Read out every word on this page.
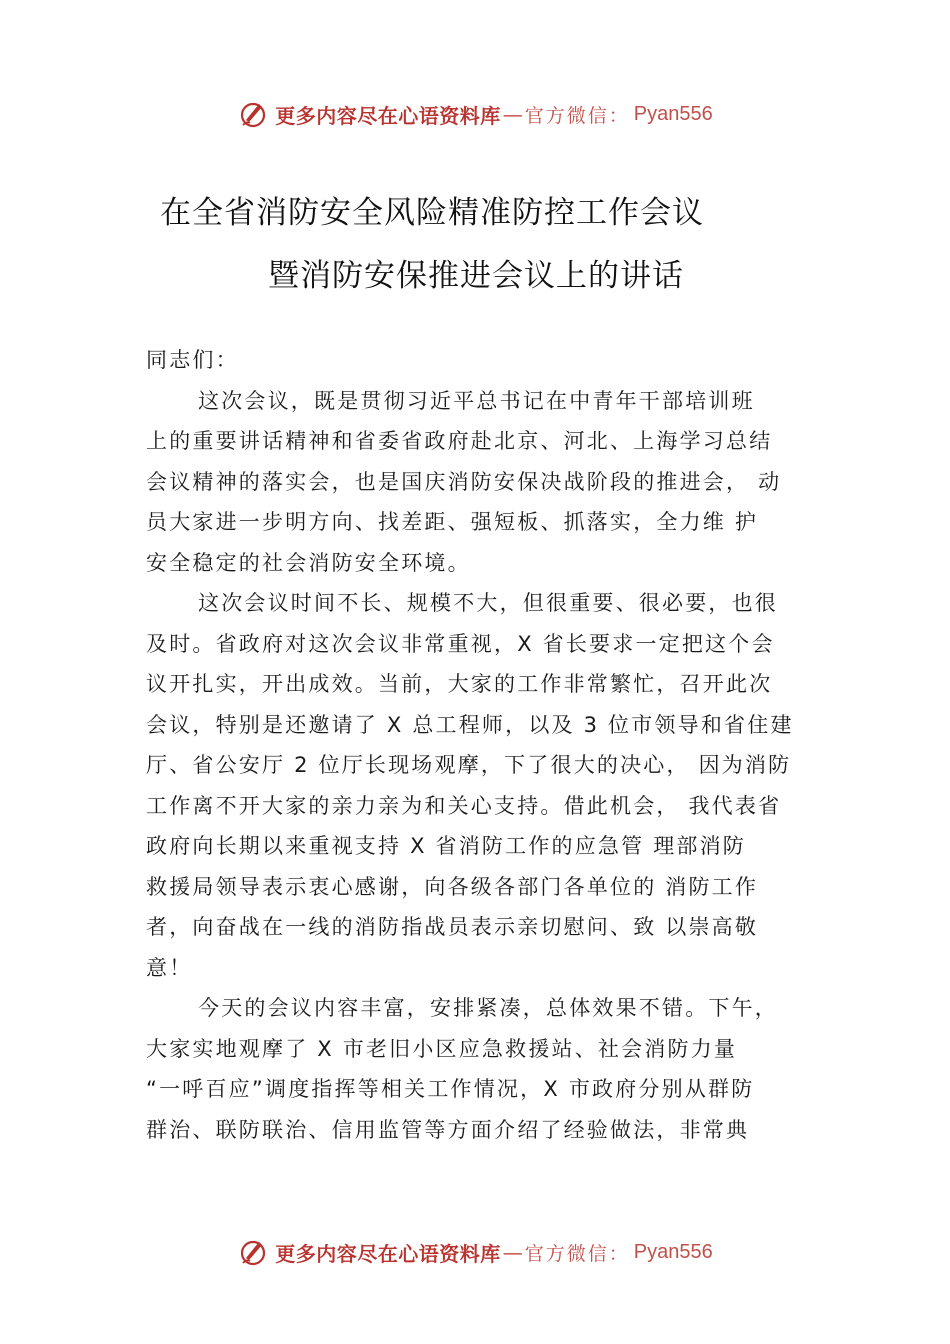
更多内容尽在心语资料库 — 官方微信： Pyan556
在全省消防安全风险精准防控工作会议
暨消防安保推进会议上的讲话
同志们：
这次会议，既是贯彻习近平总书记在中青年干部培训班
上的重要讲话精神和省委省政府赴北京、河北、上海学习总结
会议精神的落实会，也是国庆消防安保决战阶段的推进会， 动
员大家进一步明方向、找差距、强短板、抓落实，全力维 护
安全稳定的社会消防安全环境。
这次会议时间不长、规模不大，但很重要、很必要，也很
及时。省政府对这次会议非常重视，X 省长要求一定把这个会
议开扎实，开出成效。当前，大家的工作非常繁忙，召开此次
会议，特别是还邀请了 X 总工程师，以及 3 位市领导和省住建
厅、省公安厅 2 位厅长现场观摩，下了很大的决心， 因为消防
工作离不开大家的亲力亲为和关心支持。借此机会， 我代表省
政府向长期以来重视支持 X 省消防工作的应急管 理部消防
救援局领导表示衷心感谢，向各级各部门各单位的 消防工作
者，向奋战在一线的消防指战员表示亲切慰问、致 以崇高敬
意！
今天的会议内容丰富，安排紧凑，总体效果不错。下午，
大家实地观摩了 X 市老旧小区应急救援站、社会消防力量
“一呼百应”调度指挥等相关工作情况，X 市政府分别从群防
群治、联防联治、信用监管等方面介绍了经验做法，非常典
更多内容尽在心语资料库 — 官方微信： Pyan556
